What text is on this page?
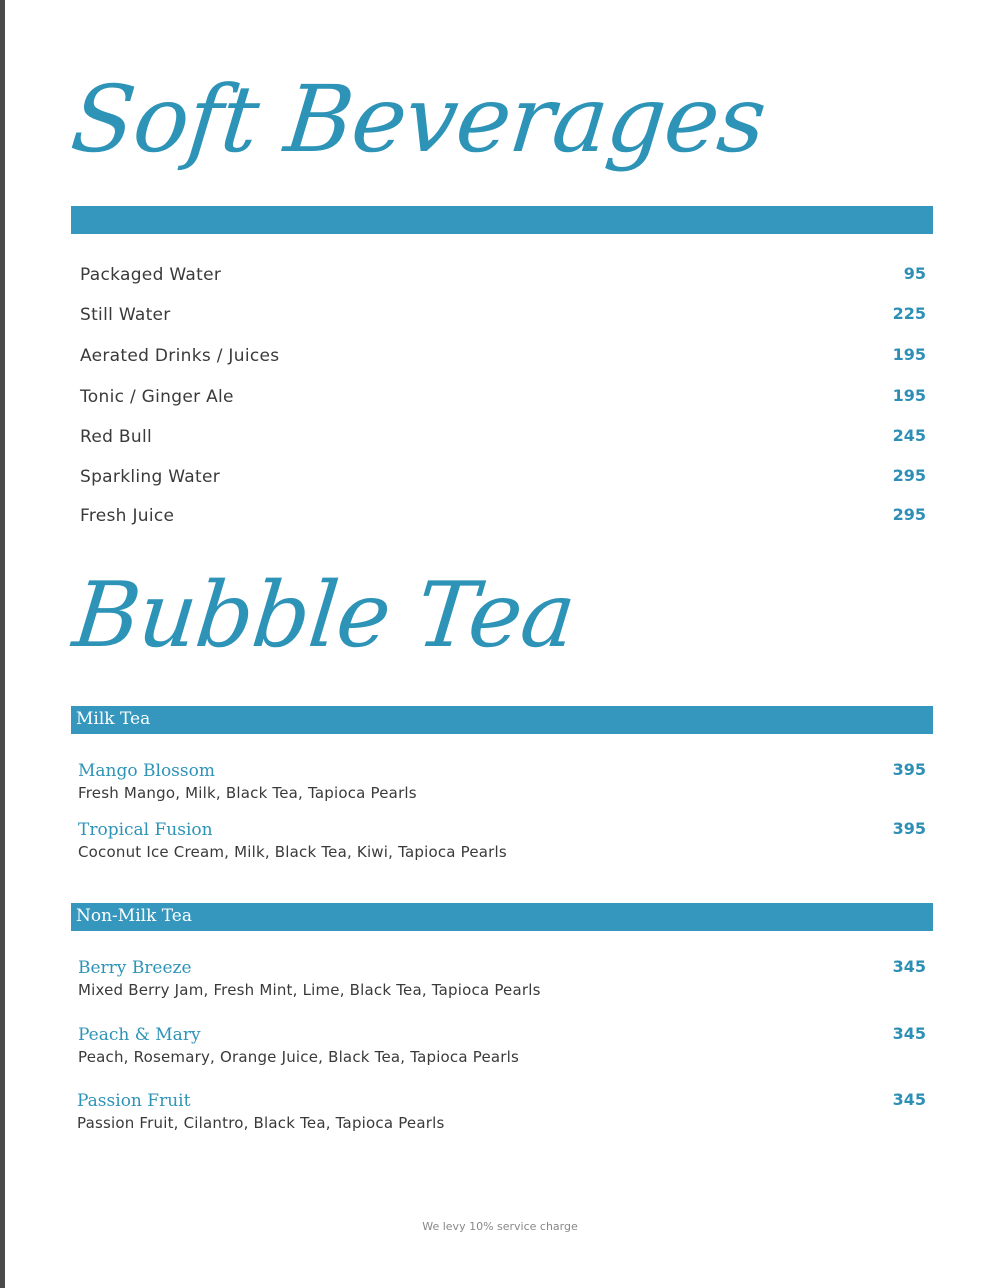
Soft Beverages
Packaged Water	95
Still Water	225
Aerated Drinks / Juices	195
Tonic / Ginger Ale	195
Red Bull	245
Sparkling Water	295
Fresh Juice	295
Bubble Tea
Milk Tea
Mango Blossom
Fresh Mango, Milk, Black Tea, Tapioca Pearls
395
Tropical Fusion
Coconut Ice Cream, Milk, Black Tea, Kiwi, Tapioca Pearls
395
Non-Milk Tea
Berry Breeze
Mixed Berry Jam, Fresh Mint, Lime, Black Tea, Tapioca Pearls
345
Peach & Mary
Peach, Rosemary, Orange Juice, Black Tea, Tapioca Pearls
345
Passion Fruit
Passion Fruit, Cilantro, Black Tea, Tapioca Pearls
345
We levy 10% service charge
